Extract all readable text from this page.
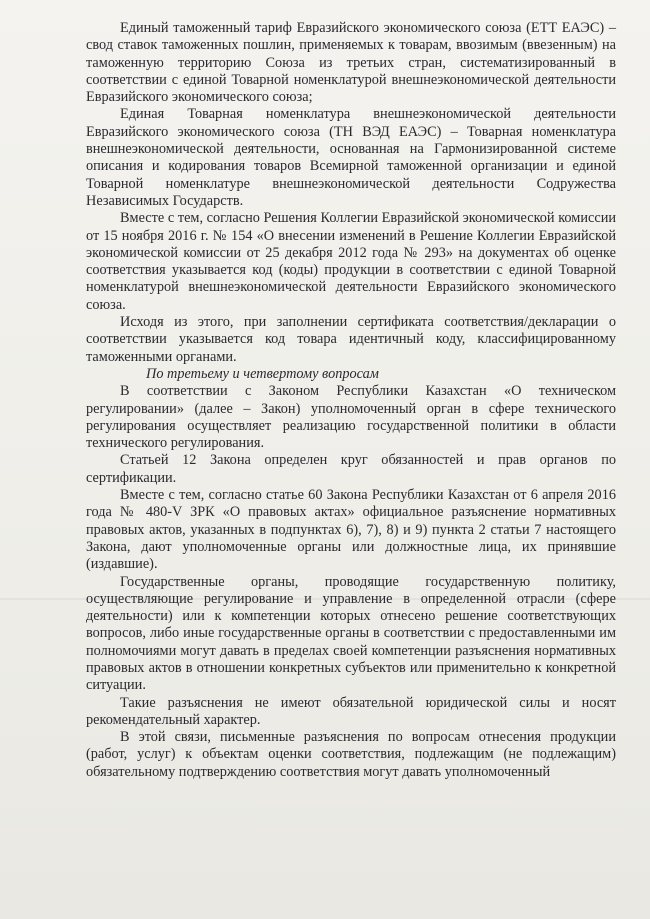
Единый таможенный тариф Евразийского экономического союза (ЕТТ ЕАЭС) – свод ставок таможенных пошлин, применяемых к товарам, ввозимым (ввезенным) на таможенную территорию Союза из третьих стран, систематизированный в соответствии с единой Товарной номенклатурой внешнеэкономической деятельности Евразийского экономического союза;

Единая Товарная номенклатура внешнеэкономической деятельности Евразийского экономического союза (ТН ВЭД ЕАЭС) – Товарная номенклатура внешнеэкономической деятельности, основанная на Гармонизированной системе описания и кодирования товаров Всемирной таможенной организации и единой Товарной номенклатуре внешнеэкономической деятельности Содружества Независимых Государств.

Вместе с тем, согласно Решения Коллегии Евразийской экономической комиссии от 15 ноября 2016 г. № 154 «О внесении изменений в Решение Коллегии Евразийской экономической комиссии от 25 декабря 2012 года № 293» на документах об оценке соответствия указывается код (коды) продукции в соответствии с единой Товарной номенклатурой внешнеэкономической деятельности Евразийского экономического союза.

Исходя из этого, при заполнении сертификата соответствия/декларации о соответствии указывается код товара идентичный коду, классифицированному таможенными органами.

По третьему и четвертому вопросам

В соответствии с Законом Республики Казахстан «О техническом регулировании» (далее – Закон) уполномоченный орган в сфере технического регулирования осуществляет реализацию государственной политики в области технического регулирования.

Статьей 12 Закона определен круг обязанностей и прав органов по сертификации.

Вместе с тем, согласно статье 60 Закона Республики Казахстан от 6 апреля 2016 года № 480-V ЗРК «О правовых актах» официальное разъяснение нормативных правовых актов, указанных в подпунктах 6), 7), 8) и 9) пункта 2 статьи 7 настоящего Закона, дают уполномоченные органы или должностные лица, их принявшие (издавшие).

Государственные органы, проводящие государственную политику, осуществляющие регулирование и управление в определенной отрасли (сфере деятельности) или к компетенции которых отнесено решение соответствующих вопросов, либо иные государственные органы в соответствии с предоставленными им полномочиями могут давать в пределах своей компетенции разъяснения нормативных правовых актов в отношении конкретных субъектов или применительно к конкретной ситуации.

Такие разъяснения не имеют обязательной юридической силы и носят рекомендательный характер.

В этой связи, письменные разъяснения по вопросам отнесения продукции (работ, услуг) к объектам оценки соответствия, подлежащим (не подлежащим) обязательному подтверждению соответствия могут давать уполномоченный
